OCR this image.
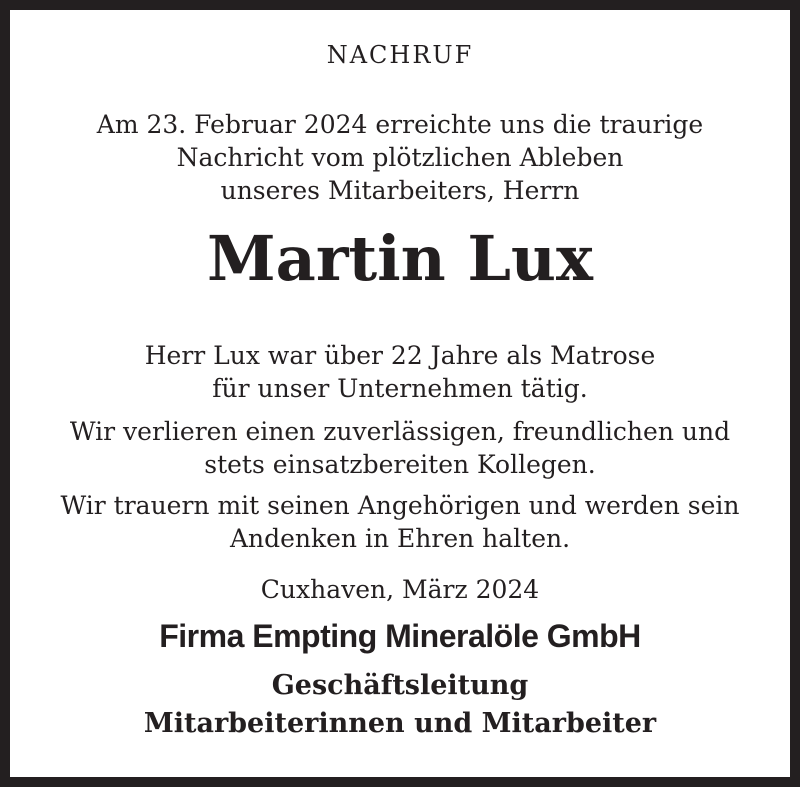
NACHRUF

Am 23. Februar 2024 erreichte uns die traurige
Nachricht vom plötzlichen Ableben
unseres Mitarbeiters, Herrn

Martin Lux

Herr Lux war über 22 Jahre als Matrose
für unser Unternehmen tätig.

Wir verlieren einen zuverlässigen, freundlichen und
stets einsatzbereiten Kollegen.

Wir trauern mit seinen Angehörigen und werden sein
Andenken in Ehren halten.

Cuxhaven, März 2024

Firma Empting Mineralöle GmbH

Geschäftsleitung

Mitarbeiterinnen und Mitarbeiter
